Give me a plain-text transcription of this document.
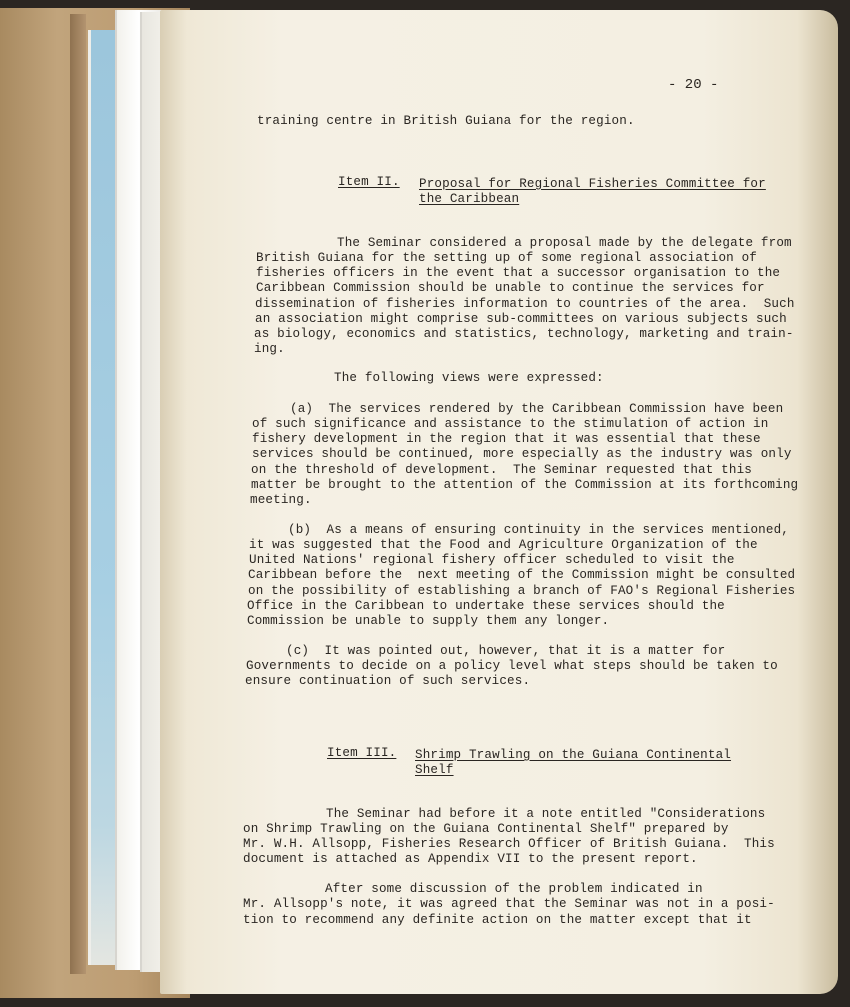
- 20 -
training centre in British Guiana for the region.
Item II. Proposal for Regional Fisheries Committee for
the Caribbean
The Seminar considered a proposal made by the delegate from
British Guiana for the setting up of some regional association of
fisheries officers in the event that a successor organisation to the
Caribbean Commission should be unable to continue the services for
dissemination of fisheries information to countries of the area.  Such
an association might comprise sub-committees on various subjects such
as biology, economics and statistics, technology, marketing and train-
ing.
The following views were expressed:
(a)  The services rendered by the Caribbean Commission have been
of such significance and assistance to the stimulation of action in
fishery development in the region that it was essential that these
services should be continued, more especially as the industry was only
on the threshold of development.  The Seminar requested that this
matter be brought to the attention of the Commission at its forthcoming
meeting.
(b)  As a means of ensuring continuity in the services mentioned,
it was suggested that the Food and Agriculture Organization of the
United Nations' regional fishery officer scheduled to visit the
Caribbean before the  next meeting of the Commission might be consulted
on the possibility of establishing a branch of FAO's Regional Fisheries
Office in the Caribbean to undertake these services should the
Commission be unable to supply them any longer.
(c)  It was pointed out, however, that it is a matter for
Governments to decide on a policy level what steps should be taken to
ensure continuation of such services.
Item III. Shrimp Trawling on the Guiana Continental
Shelf
The Seminar had before it a note entitled "Considerations
on Shrimp Trawling on the Guiana Continental Shelf" prepared by
Mr. W.H. Allsopp, Fisheries Research Officer of British Guiana.  This
document is attached as Appendix VII to the present report.
After some discussion of the problem indicated in
Mr. Allsopp's note, it was agreed that the Seminar was not in a posi-
tion to recommend any definite action on the matter except that it
